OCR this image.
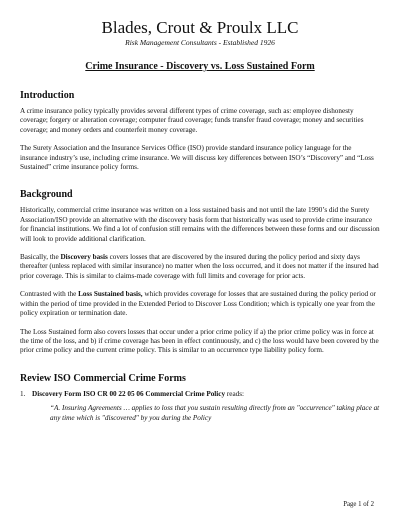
Blades, Crout & Proulx LLC

Risk Management Consultants - Established 1926

Crime Insurance - Discovery vs. Loss Sustained Form

Introduction

A crime insurance policy typically provides several different types of crime coverage, such as: employee dishonesty coverage; forgery or alteration coverage; computer fraud coverage; funds transfer fraud coverage; money and securities coverage; and money orders and counterfeit money coverage.

The Surety Association and the Insurance Services Office (ISO) provide standard insurance policy language for the insurance industry’s use, including crime insurance. We will discuss key differences between ISO’s “Discovery” and “Loss Sustained” crime insurance policy forms.

Background

Historically, commercial crime insurance was written on a loss sustained basis and not until the late 1990’s did the Surety Association/ISO provide an alternative with the discovery basis form that historically was used to provide crime insurance for financial institutions. We find a lot of confusion still remains with the differences between these forms and our discussion will look to provide additional clarification.

Basically, the Discovery basis covers losses that are discovered by the insured during the policy period and sixty days thereafter (unless replaced with similar insurance) no matter when the loss occurred, and it does not matter if the insured had prior coverage. This is similar to claims-made coverage with full limits and coverage for prior acts.

Contrasted with the Loss Sustained basis, which provides coverage for losses that are sustained during the policy period or within the period of time provided in the Extended Period to Discover Loss Condition; which is typically one year from the policy expiration or termination date.

The Loss Sustained form also covers losses that occur under a prior crime policy if a) the prior crime policy was in force at the time of the loss, and b) if crime coverage has been in effect continuously, and c) the loss would have been covered by the prior crime policy and the current crime policy. This is similar to an occurrence type liability policy form.

Review ISO Commercial Crime Forms

1. Discovery Form ISO CR 00 22 05 06 Commercial Crime Policy reads:

“A. Insuring Agreements … applies to loss that you sustain resulting directly from an "occurrence" taking place at any time which is "discovered" by you during the Policy

Page 1 of 2
